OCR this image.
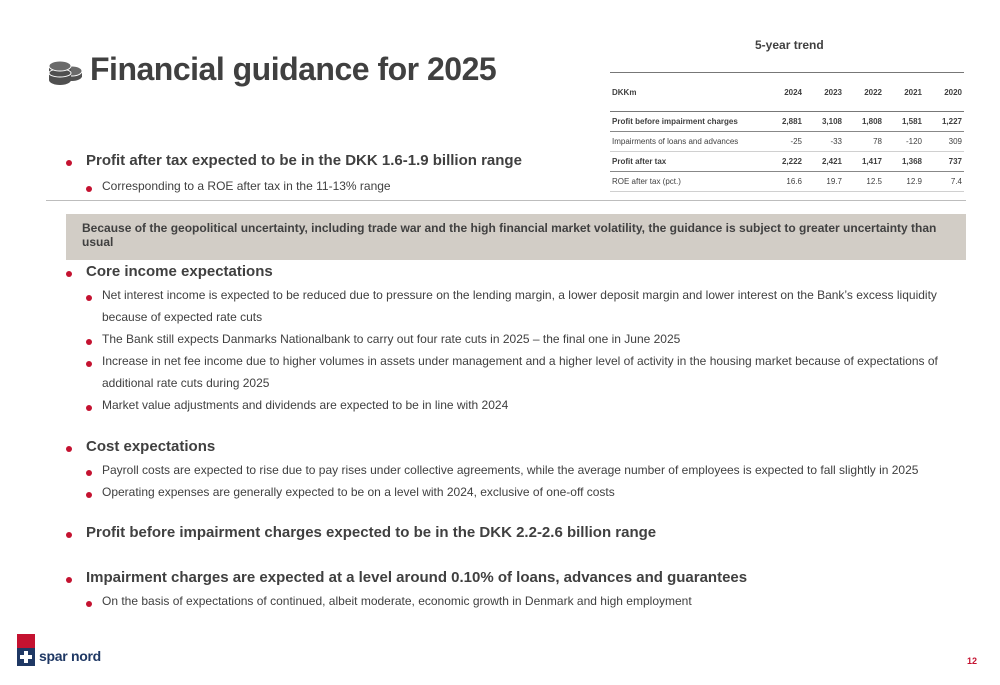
Financial guidance for 2025
5-year trend
DKKm	2024	2023	2022	2021	2020
Profit before impairment charges	2,881	3,108	1,808	1,581	1,227
Impairments of loans and advances	-25	-33	78	-120	309
Profit after tax	2,222	2,421	1,417	1,368	737
ROE after tax (pct.)	16.6	19.7	12.5	12.9	7.4
Profit after tax expected to be in the DKK 1.6-1.9 billion range
Corresponding to a ROE after tax in the 11-13% range
Because of the geopolitical uncertainty, including trade war and the high financial market volatility, the guidance is subject to greater uncertainty than usual
Core income expectations
Net interest income is expected to be reduced due to pressure on the lending margin, a lower deposit margin and lower interest on the Bank’s excess liquidity because of expected rate cuts
The Bank still expects Danmarks Nationalbank to carry out four rate cuts in 2025 – the final one in June 2025
Increase in net fee income due to higher volumes in assets under management and a higher level of activity in the housing market because of expectations of additional rate cuts during 2025
Market value adjustments and dividends are expected to be in line with 2024
Cost expectations
Payroll costs are expected to rise due to pay rises under collective agreements, while the average number of employees is expected to fall slightly in 2025
Operating expenses are generally expected to be on a level with 2024, exclusive of one-off costs
Profit before impairment charges expected to be in the DKK 2.2-2.6 billion range
Impairment charges are expected at a level around 0.10% of loans, advances and guarantees
On the basis of expectations of continued, albeit moderate, economic growth in Denmark and high employment
spar nord	12
